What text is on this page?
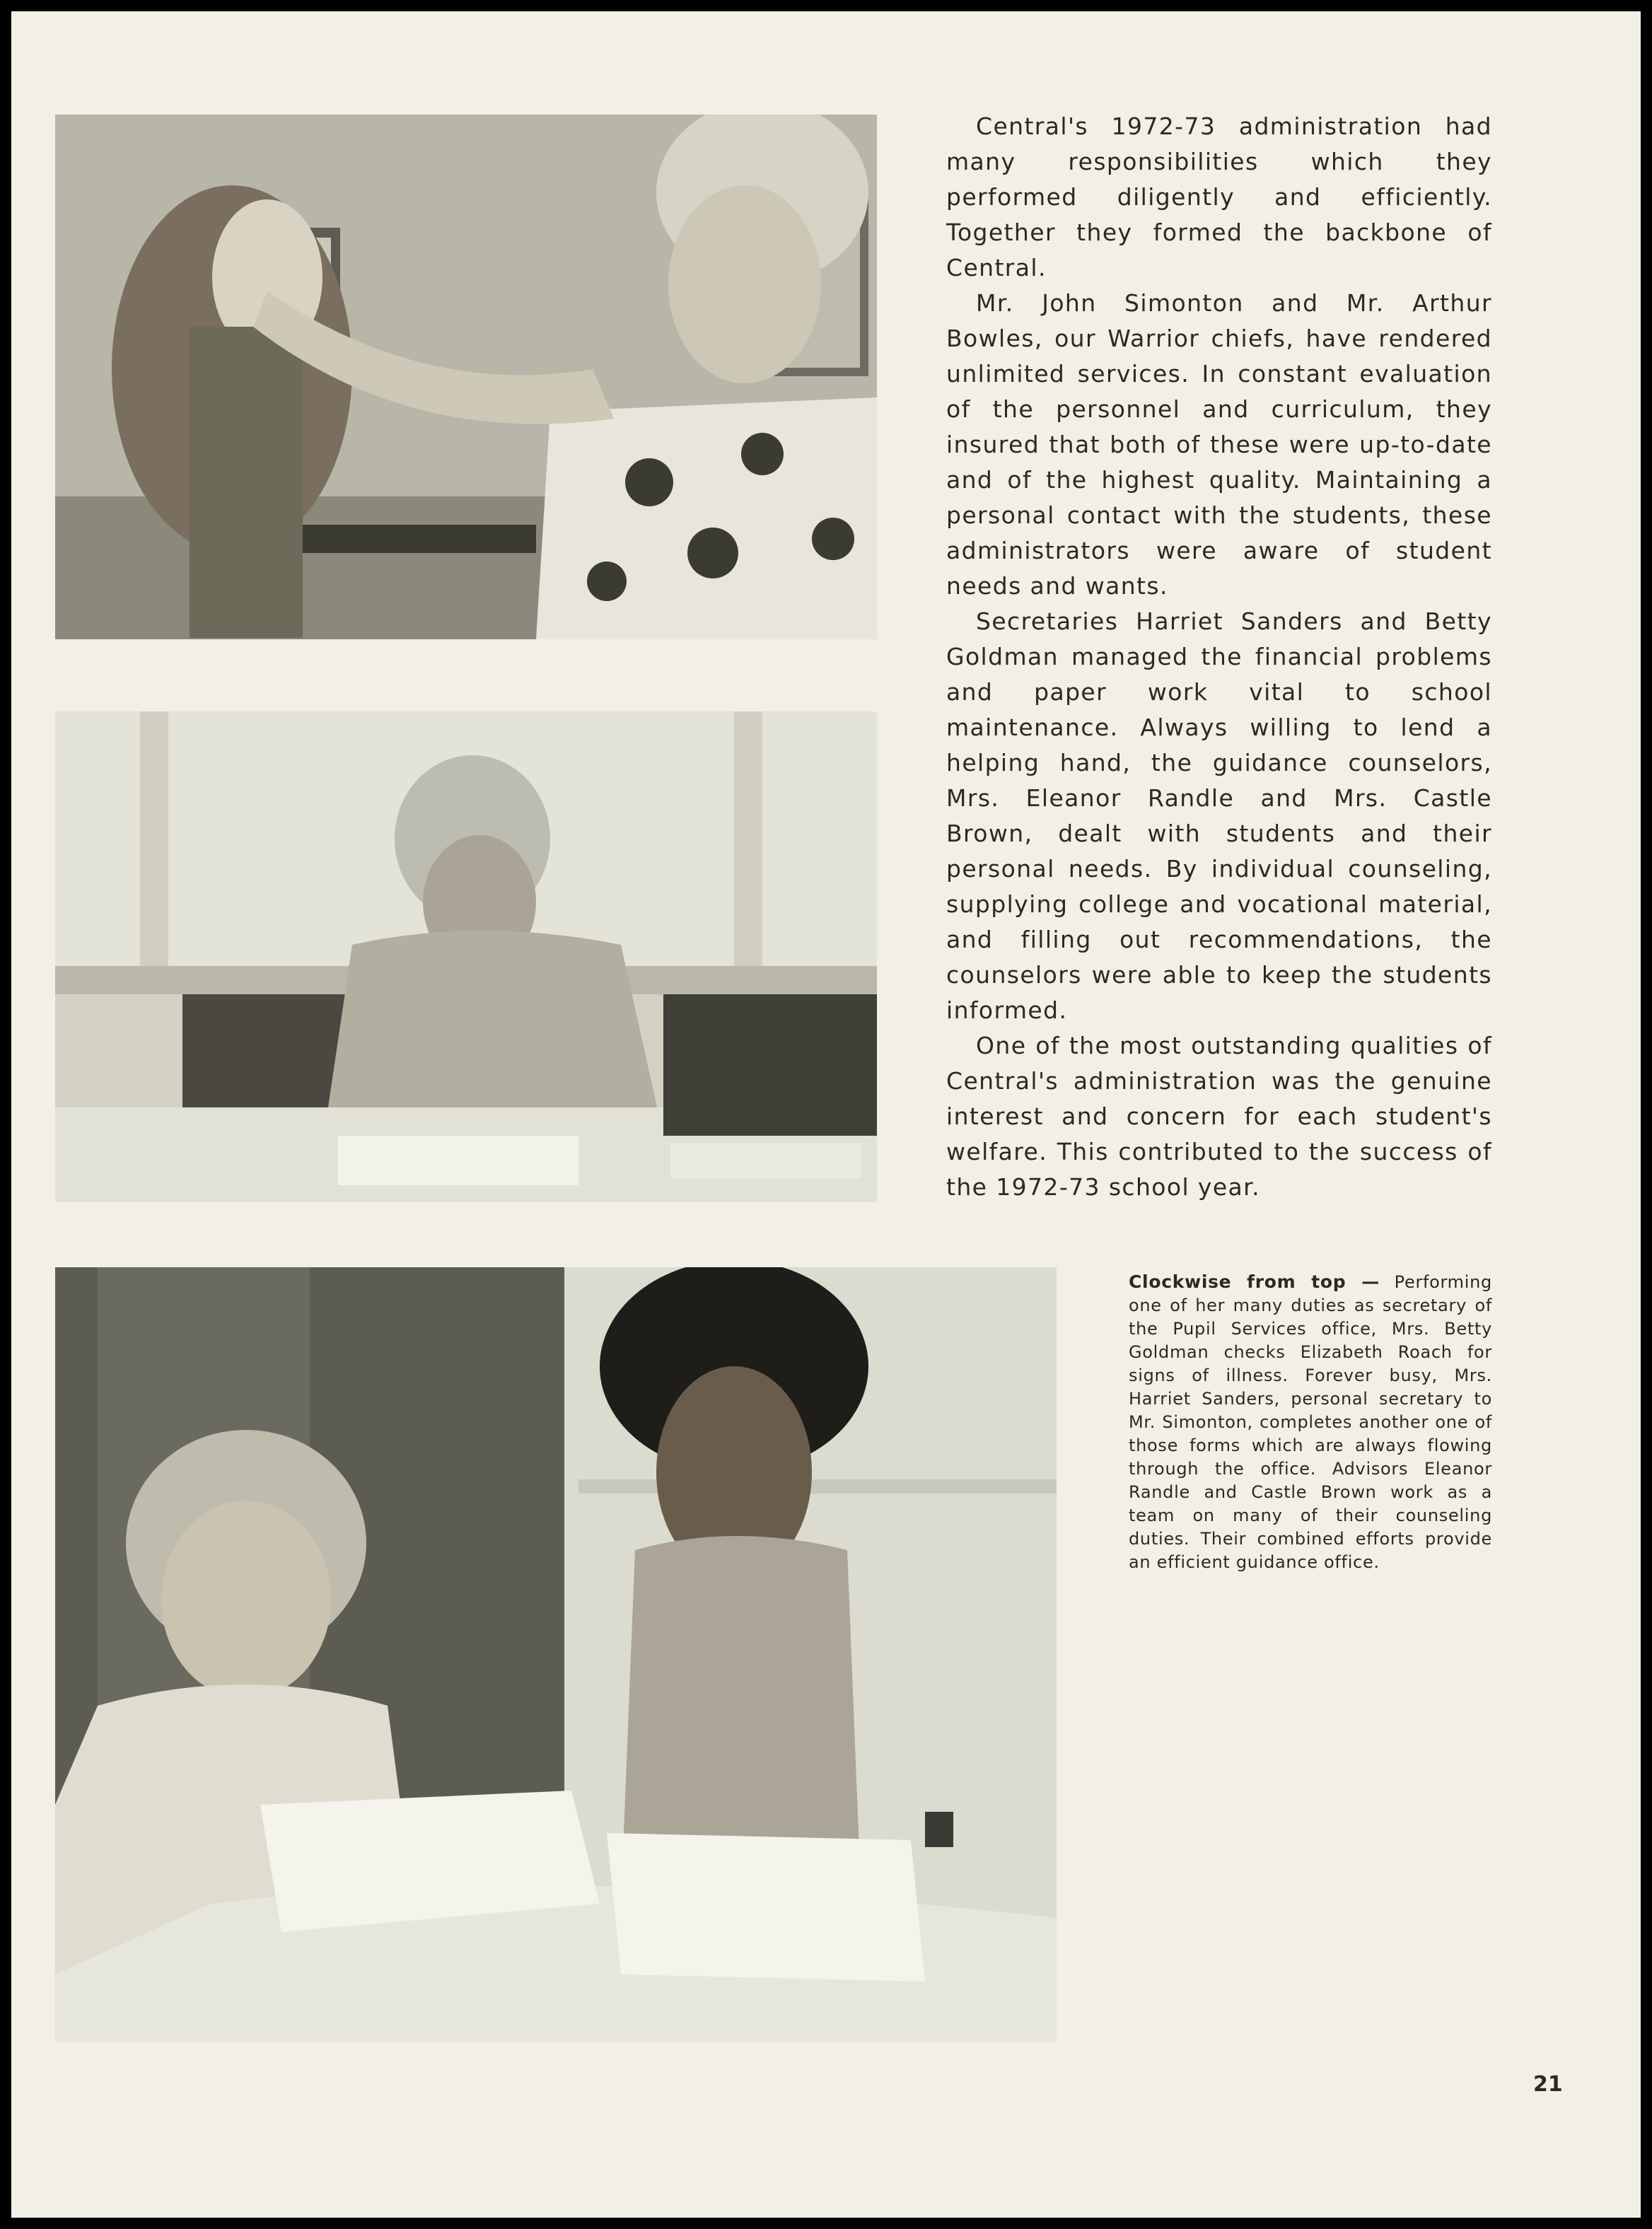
Central's 1972-73 administration had many responsibilities which they performed diligently and efficiently. Together they formed the backbone of Central.

Mr. John Simonton and Mr. Arthur Bowles, our Warrior chiefs, have rendered unlimited services. In constant evaluation of the personnel and curriculum, they insured that both of these were up-to-date and of the highest quality. Maintaining a personal contact with the students, these administrators were aware of student needs and wants.

Secretaries Harriet Sanders and Betty Goldman managed the financial problems and paper work vital to school maintenance. Always willing to lend a helping hand, the guidance counselors, Mrs. Eleanor Randle and Mrs. Castle Brown, dealt with students and their personal needs. By individual counseling, supplying college and vocational material, and filling out recommendations, the counselors were able to keep the students informed.

One of the most outstanding qualities of Central's administration was the genuine interest and concern for each student's welfare. This contributed to the success of the 1972-73 school year.

Clockwise from top — Performing one of her many duties as secretary of the Pupil Services office, Mrs. Betty Goldman checks Elizabeth Roach for signs of illness. Forever busy, Mrs. Harriet Sanders, personal secretary to Mr. Simonton, completes another one of those forms which are always flowing through the office. Advisors Eleanor Randle and Castle Brown work as a team on many of their counseling duties. Their combined efforts provide an efficient guidance office.

21
